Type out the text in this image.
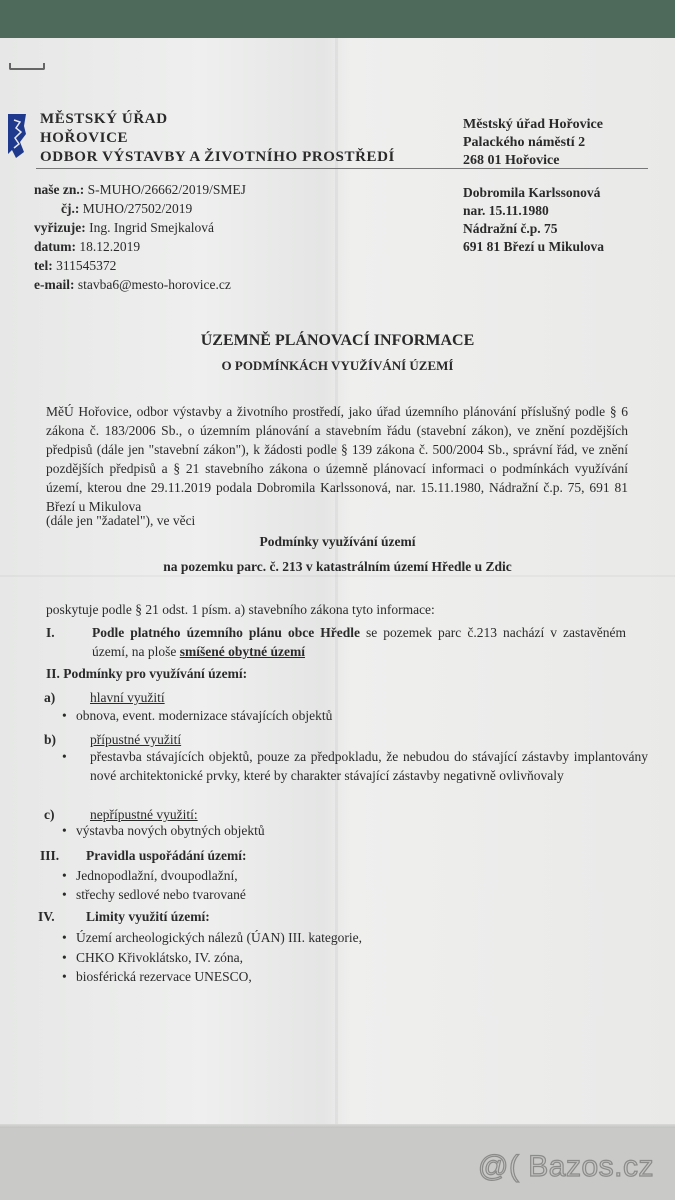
MĚSTSKÝ ÚŘAD
HOŘOVICE
ODBOR VÝSTAVBY A ŽIVOTNÍHO PROSTŘEDÍ
Městský úřad Hořovice
Palackého náměstí 2
268 01 Hořovice
naše zn.: S-MUHO/26662/2019/SMEJ
čj.: MUHO/27502/2019
vyřizuje: Ing. Ingrid Smejkalová
datum: 18.12.2019
tel: 311545372
e-mail: stavba6@mesto-horovice.cz
Dobromila Karlssonová
nar. 15.11.1980
Nádražní č.p. 75
691 81 Březí u Mikulova
ÚZEMNĚ PLÁNOVACÍ INFORMACE
O PODMÍNKÁCH VYUŽÍVÁNÍ ÚZEMÍ
MěÚ Hořovice, odbor výstavby a životního prostředí, jako úřad územního plánování příslušný podle § 6 zákona č. 183/2006 Sb., o územním plánování a stavebním řádu (stavební zákon), ve znění pozdějších předpisů (dále jen "stavební zákon"), k žádosti podle § 139 zákona č. 500/2004 Sb., správní řád, ve znění pozdějších předpisů a § 21 stavebního zákona o územně plánovací informaci o podmínkách využívání území, kterou dne 29.11.2019 podala Dobromila Karlssonová, nar. 15.11.1980, Nádražní č.p. 75, 691 81 Březí u Mikulova
(dále jen "žadatel"), ve věci
Podmínky využívání území
na pozemku parc. č. 213 v katastrálním území Hředle u Zdic
poskytuje podle § 21 odst. 1 písm. a) stavebního zákona tyto informace:
I.	Podle platného územního plánu obce Hředle se pozemek parc č.213 nachází v zastavěném území, na ploše smíšené obytné území
II. Podmínky pro využívání území:
a)	hlavní využití
• obnova, event. modernizace stávajících objektů
b)	přípustné využití
• přestavba stávajících objektů, pouze za předpokladu, že nebudou do stávající zástavby implantovány nové architektonické prvky, které by charakter stávající zástavby negativně ovlivňovaly
c)	nepřípustné využití:
• výstavba nových obytných objektů
III. Pravidla uspořádání území:
• Jednopodlažní, dvoupodlažní,
• střechy sedlové nebo tvarované
IV. Limity využití území:
• Území archeologických nálezů (ÚAN) III. kategorie,
• CHKO Křivoklátsko, IV. zóna,
• biosférická rezervace UNESCO,
@( Bazos.cz
